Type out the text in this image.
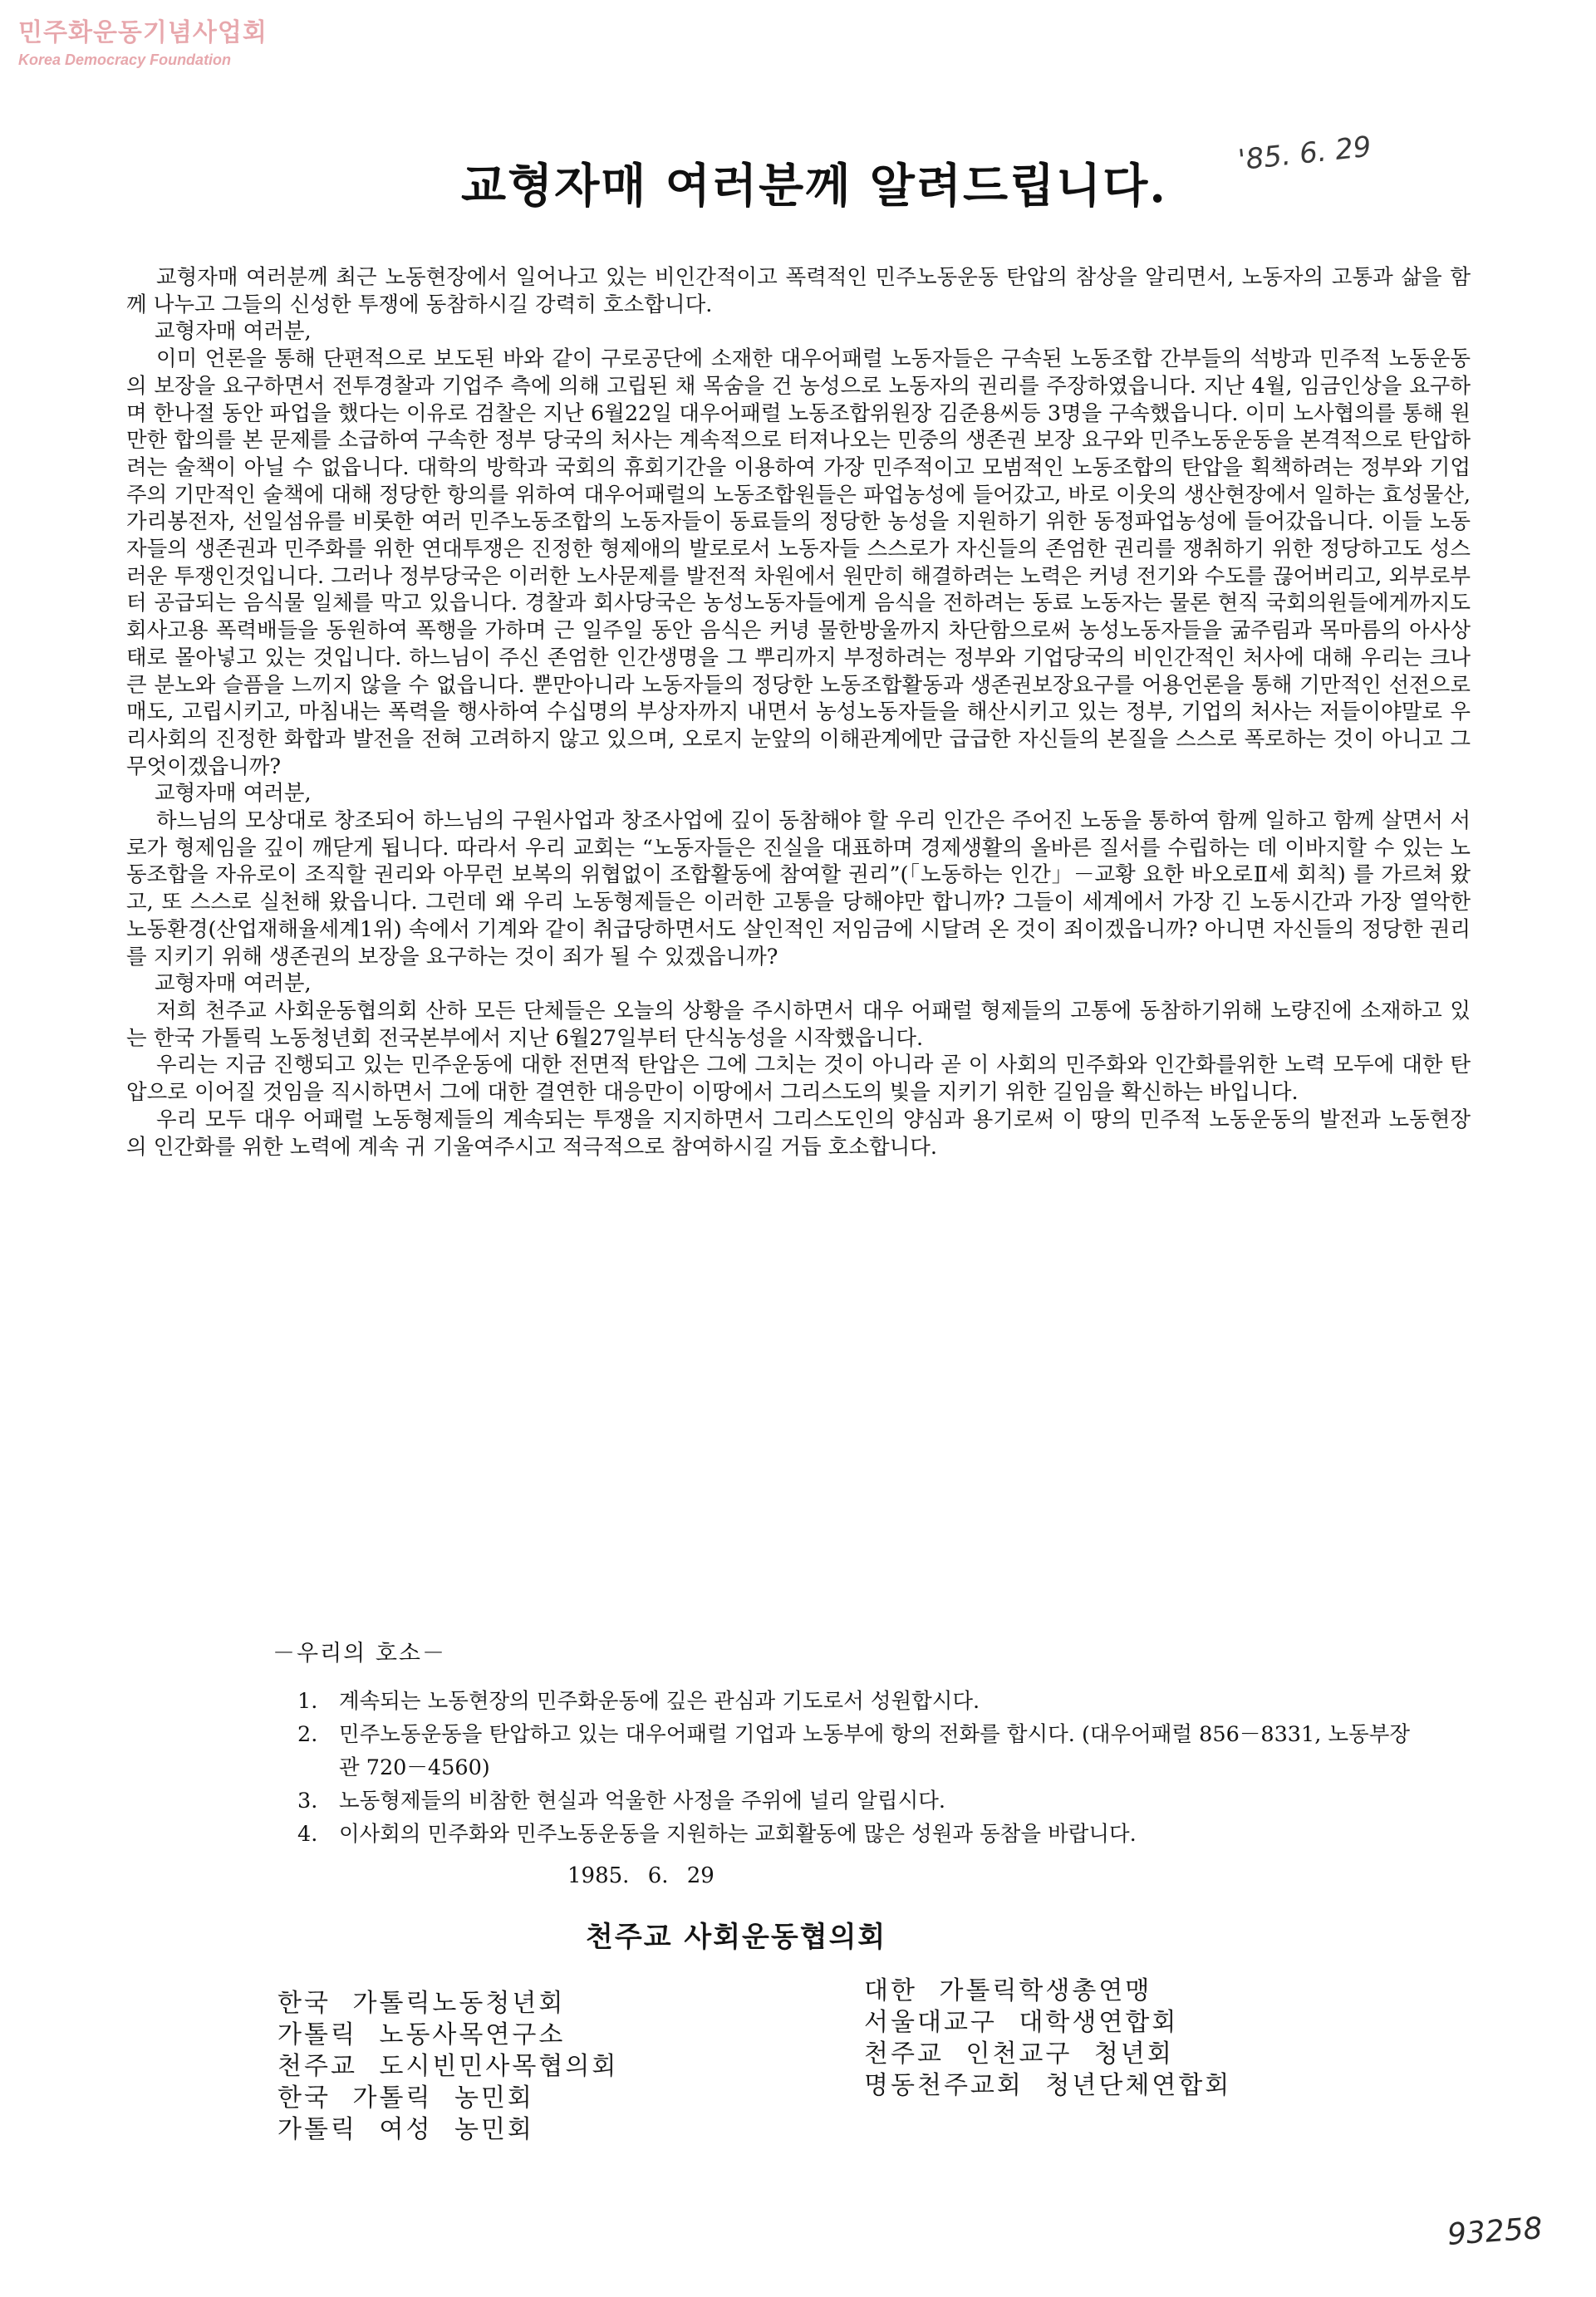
민주화운동기념사업회
Korea Democracy Foundation
교형자매 여러분께 알려드립니다.
'85. 6. 29

교형자매 여러분께 최근 노동현장에서 일어나고 있는 비인간적이고 폭력적인 민주노동운동 탄압의 참상을 알리면서, 노동자의 고통과 삶을 함께 나누고 그들의 신성한 투쟁에 동참하시길 강력히 호소합니다.

교형자매 여러분,

이미 언론을 통해 단편적으로 보도된 바와 같이 구로공단에 소재한 대우어패럴 노동자들은 구속된 노동조합 간부들의 석방과 민주적 노동운동의 보장을 요구하면서 전투경찰과 기업주 측에 의해 고립된 채 목숨을 건 농성으로 노동자의 권리를 주장하였읍니다. 지난 4월, 임금인상을 요구하며 한나절 동안 파업을 했다는 이유로 검찰은 지난 6월22일 대우어패럴 노동조합위원장 김준용씨등 3명을 구속했읍니다. 이미 노사협의를 통해 원만한 합의를 본 문제를 소급하여 구속한 정부 당국의 처사는 계속적으로 터져나오는 민중의 생존권 보장 요구와 민주노동운동을 본격적으로 탄압하려는 술책이 아닐 수 없읍니다. 대학의 방학과 국회의 휴회기간을 이용하여 가장 민주적이고 모범적인 노동조합의 탄압을 획책하려는 정부와 기업주의 기만적인 술책에 대해 정당한 항의를 위하여 대우어패럴의 노동조합원들은 파업농성에 들어갔고, 바로 이웃의 생산현장에서 일하는 효성물산, 가리봉전자, 선일섬유를 비롯한 여러 민주노동조합의 노동자들이 동료들의 정당한 농성을 지원하기 위한 동정파업농성에 들어갔읍니다. 이들 노동자들의 생존권과 민주화를 위한 연대투쟁은 진정한 형제애의 발로로서 노동자들 스스로가 자신들의 존엄한 권리를 쟁취하기 위한 정당하고도 성스러운 투쟁인것입니다. 그러나 정부당국은 이러한 노사문제를 발전적 차원에서 원만히 해결하려는 노력은 커녕 전기와 수도를 끊어버리고, 외부로부터 공급되는 음식물 일체를 막고 있읍니다. 경찰과 회사당국은 농성노동자들에게 음식을 전하려는 동료 노동자는 물론 현직 국회의원들에게까지도 회사고용 폭력배들을 동원하여 폭행을 가하며 근 일주일 동안 음식은 커녕 물한방울까지 차단함으로써 농성노동자들을 굶주림과 목마름의 아사상태로 몰아넣고 있는 것입니다. 하느님이 주신 존엄한 인간생명을 그 뿌리까지 부정하려는 정부와 기업당국의 비인간적인 처사에 대해 우리는 크나큰 분노와 슬픔을 느끼지 않을 수 없읍니다. 뿐만아니라 노동자들의 정당한 노동조합활동과 생존권보장요구를 어용언론을 통해 기만적인 선전으로 매도, 고립시키고, 마침내는 폭력을 행사하여 수십명의 부상자까지 내면서 농성노동자들을 해산시키고 있는 정부, 기업의 처사는 저들이야말로 우리사회의 진정한 화합과 발전을 전혀 고려하지 않고 있으며, 오로지 눈앞의 이해관계에만 급급한 자신들의 본질을 스스로 폭로하는 것이 아니고 그 무엇이겠읍니까?

교형자매 여러분,

하느님의 모상대로 창조되어 하느님의 구원사업과 창조사업에 깊이 동참해야 할 우리 인간은 주어진 노동을 통하여 함께 일하고 함께 살면서 서로가 형제임을 깊이 깨닫게 됩니다. 따라서 우리 교회는 “노동자들은 진실을 대표하며 경제생활의 올바른 질서를 수립하는 데 이바지할 수 있는 노동조합을 자유로이 조직할 권리와 아무런 보복의 위협없이 조합활동에 참여할 권리”(「노동하는 인간」－교황 요한 바오로Ⅱ세 회칙) 를 가르쳐 왔고, 또 스스로 실천해 왔읍니다. 그런데 왜 우리 노동형제들은 이러한 고통을 당해야만 합니까? 그들이 세계에서 가장 긴 노동시간과 가장 열악한 노동환경(산업재해율세계1위) 속에서 기계와 같이 취급당하면서도 살인적인 저임금에 시달려 온 것이 죄이겠읍니까? 아니면 자신들의 정당한 권리를 지키기 위해 생존권의 보장을 요구하는 것이 죄가 될 수 있겠읍니까?

교형자매 여러분,

저희 천주교 사회운동협의회 산하 모든 단체들은 오늘의 상황을 주시하면서 대우 어패럴 형제들의 고통에 동참하기위해 노량진에 소재하고 있는 한국 가톨릭 노동청년회 전국본부에서 지난 6월27일부터 단식농성을 시작했읍니다.

우리는 지금 진행되고 있는 민주운동에 대한 전면적 탄압은 그에 그치는 것이 아니라 곧 이 사회의 민주화와 인간화를위한 노력 모두에 대한 탄압으로 이어질 것임을 직시하면서 그에 대한 결연한 대응만이 이땅에서 그리스도의 빛을 지키기 위한 길임을 확신하는 바입니다.

우리 모두 대우 어패럴 노동형제들의 계속되는 투쟁을 지지하면서 그리스도인의 양심과 용기로써 이 땅의 민주적 노동운동의 발전과 노동현장의 인간화를 위한 노력에 계속 귀 기울여주시고 적극적으로 참여하시길 거듭 호소합니다.

－우리의 호소－
1.	계속되는 노동현장의 민주화운동에 깊은 관심과 기도로서 성원합시다.
2.	민주노동운동을 탄압하고 있는 대우어패럴 기업과 노동부에 항의 전화를 합시다. (대우어패럴 856－8331, 노동부장관 720－4560)
3.	노동형제들의 비참한 현실과 억울한 사정을 주위에 널리 알립시다.
4.	이사회의 민주화와 민주노동운동을 지원하는 교회활동에 많은 성원과 동참을 바랍니다.
1985. 6. 29
천주교 사회운동협의회
한국 가톨릭노동청년회
가톨릭 노동사목연구소
천주교 도시빈민사목협의회
한국 가톨릭 농민회
가톨릭 여성 농민회
대한 가톨릭학생총연맹
서울대교구 대학생연합회
천주교 인천교구 청년회
명동천주교회 청년단체연합회
93258
